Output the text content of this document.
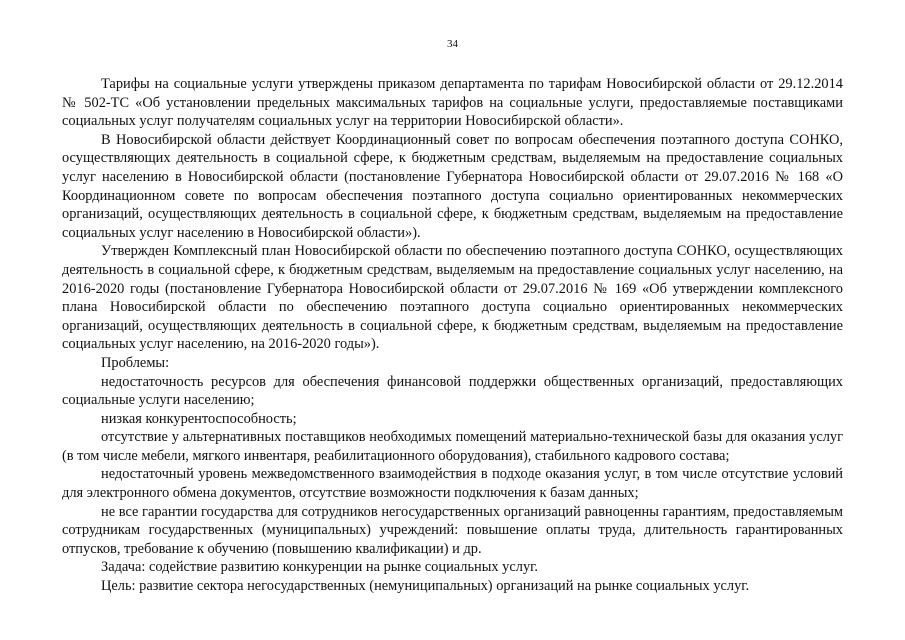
34

Тарифы на социальные услуги утверждены приказом департамента по тарифам Новосибирской области от 29.12.2014 № 502-ТС «Об установлении предельных максимальных тарифов на социальные услуги, предоставляемые поставщиками социальных услуг получателям социальных услуг на территории Новосибирской области».

В Новосибирской области действует Координационный совет по вопросам обеспечения поэтапного доступа СОНКО, осуществляющих деятельность в социальной сфере, к бюджетным средствам, выделяемым на предоставление социальных услуг населению в Новосибирской области (постановление Губернатора Новосибирской области от 29.07.2016 № 168 «О Координационном совете по вопросам обеспечения поэтапного доступа социально ориентированных некоммерческих организаций, осуществляющих деятельность в социальной сфере, к бюджетным средствам, выделяемым на предоставление социальных услуг населению в Новосибирской области»).

Утвержден Комплексный план Новосибирской области по обеспечению поэтапного доступа СОНКО, осуществляющих деятельность в социальной сфере, к бюджетным средствам, выделяемым на предоставление социальных услуг населению, на 2016-2020 годы (постановление Губернатора Новосибирской области от 29.07.2016 № 169 «Об утверждении комплексного плана Новосибирской области по обеспечению поэтапного доступа социально ориентированных некоммерческих организаций, осуществляющих деятельность в социальной сфере, к бюджетным средствам, выделяемым на предоставление социальных услуг населению, на 2016-2020 годы»).

Проблемы:

недостаточность ресурсов для обеспечения финансовой поддержки общественных организаций, предоставляющих социальные услуги населению;

низкая конкурентоспособность;

отсутствие у альтернативных поставщиков необходимых помещений материально-технической базы для оказания услуг (в том числе мебели, мягкого инвентаря, реабилитационного оборудования), стабильного кадрового состава;

недостаточный уровень межведомственного взаимодействия в подходе оказания услуг, в том числе отсутствие условий для электронного обмена документов, отсутствие возможности подключения к базам данных;

не все гарантии государства для сотрудников негосударственных организаций равноценны гарантиям, предоставляемым сотрудникам государственных (муниципальных) учреждений: повышение оплаты труда, длительность гарантированных отпусков, требование к обучению (повышению квалификации) и др.

Задача: содействие развитию конкуренции на рынке социальных услуг.

Цель: развитие сектора негосударственных (немуниципальных) организаций на рынке социальных услуг.
